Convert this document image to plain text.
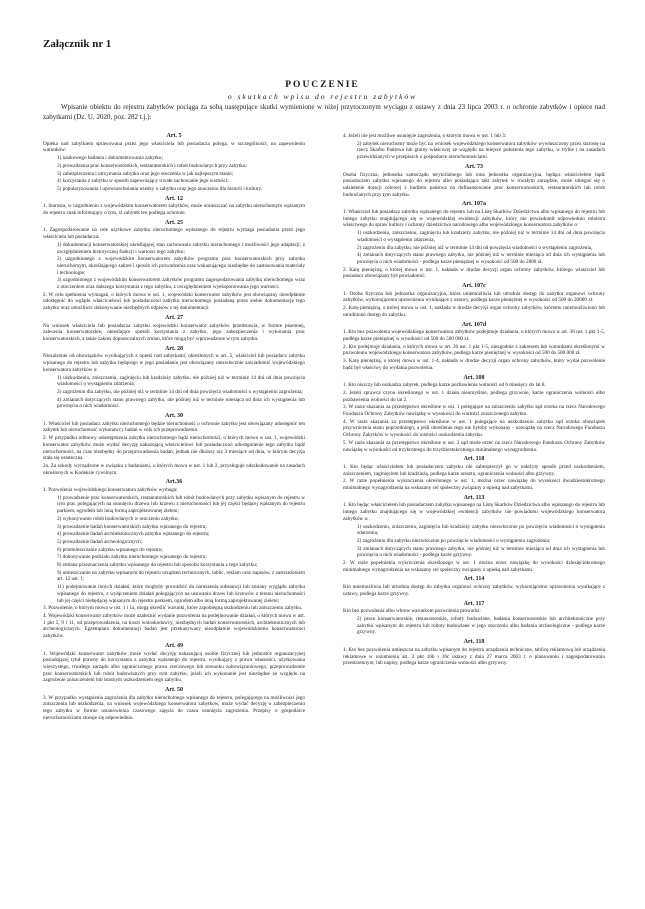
Załącznik nr 1
POUCZENIE
o skutkach wpisu do rejestru zabytków
Wpisanie obiektu do rejestru zabytków pociąga za sobą następujące skutki wymienione w niżej przytoczonym wyciągu z ustawy z dnia 23 lipca 2003 r. o ochronie zabytków i opiece nad zabytkami (Dz. U. 2020, poz. 282 t.j.):
Art. 5
Opieka nad zabytkiem sprawowana przez jego właściciela lub posiadacza polega, w szczególności, na zapewnieniu warunków:
1) naukowego badania i dokumentowania zabytku;
2) prowadzenia prac konserwatorskich, restauratorskich i robót budowlanych przy zabytku;
3) zabezpieczenia i utrzymania zabytku oraz jego otoczenia w jak najlepszym stanie;
4) korzystania z zabytku w sposób zapewniający trwałe zachowanie jego wartości;
5) popularyzowania i upowszechniania wiedzy o zabytku oraz jego znaczeniu dla historii i kultury.
Art. 12
1. Starosta, w uzgodnieniu z wojewódzkim konserwatorem zabytków, może umieszczać na zabytku nieruchomym wpisanym do rejestru znak informujący o tym, iż zabytek ten podlega ochronie.
Art. 25
1. Zagospodarowanie na cele użytkowe zabytku nieruchomego wpisanego do rejestru wymaga posiadania przez jego właściciela lub posiadacza:
1) dokumentacji konserwatorskiej określającej stan zachowania zabytku nieruchomego i możliwości jego adaptacji, z uwzględnieniem historycznej funkcji i wartości tego zabytku;
2) uzgodnionego z wojewódzkim konserwatorem zabytków programu prac konserwatorskich przy zabytku nieruchomym, określającego zakres i sposób ich prowadzenia oraz wskazującego niezbędne do zastosowania materiały i technologie;
3) uzgodnionego z wojewódzkim konserwatorem zabytków programu zagospodarowania zabytku nieruchomego wraz z otoczeniem oraz dalszego korzystania z tego zabytku, z uwzględnieniem wyeksponowania jego wartości.
2. W celu spełnienia wymagań, o których mowa w ust. 1, wojewódzki konserwator zabytków jest obowiązany nieodpłatnie udostępnić do wglądu właścicielowi lub posiadaczowi zabytku nieruchomego posiadaną przez siebie dokumentację tego zabytku oraz umożliwić dokonywanie niezbędnych odpisów z tej dokumentacji.
Art. 27
Na wniosek właściciela lub posiadacza zabytku wojewódzki konserwator zabytków przedstawia, w formie pisemnej, zalecenia konserwatorskie, określające sposób korzystania z zabytku, jego zabezpieczenia i wykonania prac konserwatorskich, a także zakres dopuszczalnych zmian, które mogą być wprowadzone w tym zabytku.
Art. 28
Niezależnie od obowiązków wynikających z opieki nad zabytkami, określonych w art. 5, właściciel lub posiadacz zabytku wpisanego do rejestru lub zabytku będącego w jego posiadaniu jest obowiązany niezwłocznie zawiadomić wojewódzkiego konserwatora zabytków o:
1) uszkodzeniu, zniszczeniu, zaginięciu lub kradzieży zabytku, nie później niż w terminie 14 dni od dnia powzięcia wiadomości o wystąpieniu zdarzenia;
2) zagrożeniu dla zabytku, nie później niż w terminie 14 dni od dnia powzięcia wiadomości o wystąpieniu zagrożenia;
4) zmianach dotyczących stanu prawnego zabytku, nie później niż w terminie miesiąca od dnia ich wystąpienia lub powzięcia o nich wiadomości.
Art. 30
1. Właściciel lub posiadacz zabytku nieruchomego będzie nieruchomość o ochronie zabytku jest obowiązany udostępnić ten zabytek lub nieruchomość wykonawcy badań w celu ich przeprowadzenia.
2. W przypadku odmowy udostępnienia zabytku nieruchomego bądź nieruchomości, o których mowa w ust. 1, wojewódzki konserwator zabytków może wydać decyzję nakazującą właścicielowi lub posiadaczowi udostępnienie tego zabytku bądź nieruchomości, na czas niezbędny do przeprowadzenia badań, jednak nie dłuższy niż 3 miesiące od dnia, w którym decyzja stała się ostateczna.
2a. Za szkody wyrządzone w związku z badaniami, o których mowa w ust. 1 lub 2, przysługuje odszkodowanie na zasadach określonych w Kodeksie cywilnym.
Art.36
1. Pozwolenia wojewódzkiego konserwatora zabytków wymaga:
1) prowadzenie prac konserwatorskich, restauratorskich lub robót budowlanych przy zabytku wpisanym do rejestru w tym prac polegających na usunięciu drzewa lub krzewu z nieruchomości lub jej części będącej wpisanym do rejestru parkiem, ogrodem lub inną formą zaprojektowanej zieleni;
2) wykonywanie robót budowlanych w otoczeniu zabytku;
3) prowadzenie badań konserwatorskich zabytku wpisanego do rejestru;
4) prowadzenie badań architektonicznych zabytku wpisanego do rejestru;
5) prowadzenie badań archeologicznych;
6) przemieszczanie zabytku wpisanego do rejestru;
7) dokonywanie podziału zabytku nieruchomego wpisanego do rejestru;
8) zmiana przeznaczenia zabytku wpisanego do rejestru lub sposobu korzystania z tego zabytku;
9) umieszczanie na zabytku wpisanym do rejestru urządzeń technicznych, tablic, reklam oraz napisów, z zastrzeżeniem art. 12 ust. 1;
11) podejmowanie innych działań, które mogłyby prowadzić do naruszenia substancji lub zmiany wyglądu zabytku wpisanego do rejestru, z wyłączeniem działań polegających na usuwaniu drzew lub krzewów z terenu nieruchomości lub jej części niebędącej wpisanym do rejestru parkiem, ogrodem albo inną formą zaprojektowanej zieleni;
3. Pozwolenie, o którym mowa w ust. 1 i 1a, mogą określić warunki, które zapobiegną uszkodzeniu lub zniszczeniu zabytku.
4. Wojewódzki konserwator zabytków może uzależnić wydanie pozwolenia na podejmowanie działań, o których mowa w ust. 1 pkt 5, 9 i 11, od przeprowadzenia, na koszt wnioskodawcy, niezbędnych badań konserwatorskich, architektonicznych lub archeologicznych. Egzemplarz dokumentacji badań jest przekazywany nieodpłatnie wojewódzkiemu konserwatorowi zabytków.
Art. 49
1. Wojewódzki konserwator zabytków może wydać decyzję nakazującą osobie fizycznej lub jednostce organizacyjnej posiadającej tytuł prawny do korzystania z zabytku wpisanego do rejestru, wynikający z prawa własności, użytkowania wieczystego, trwałego zarządu albo ograniczonego prawa rzeczowego lub stosunku zobowiązaniowego, przeprowadzenie prac konserwatorskich lub robót budowlanych przy tym zabytku, jeżeli ich wykonanie jest niezbędne ze względu na zagrożenie zniszczeniem lub istotnym uszkodzeniem tego zabytku.
Art. 50
3. W przypadku wystąpienia zagrożenia dla zabytku nieruchomego wpisanego do rejestru, polegającego na możliwości jego zniszczenia lub uszkodzenia, na wniosek wojewódzkiego konserwatora zabytków, może wydać decyzję o zabezpieczeniu tego zabytku w formie ustanowienia czasowego zajęcia do czasu usunięcia zagrożenia. Przepisy o gospodarce nieruchomościami stosuje się odpowiednio.
4. Jeżeli nie jest możliwe usunięcie zagrożenia, o którym mowa w ust. 1 lub 3:
2) zabytek nieruchomy może być na wniosek wojewódzkiego konserwatora zabytków wywłaszczony przez starostę na rzecz Skarbu Państwa lub gminy właściwej ze względu na miejsce położenia tego zabytku, w trybie i na zasadach przewidzianych w przepisach o gospodarce nieruchomościami.
Art. 73
Osoba fizyczna, jednostka samorządu terytorialnego lub inna jednostka organizacyjna, będąca właścicielem bądź posiadaczem zabytku wpisanego do rejestru albo posiadająca taki zabytek w trwałym zarządzie, może ubiegać się o udzielenie dotacji celowej z budżetu państwa na dofinansowanie prac konserwatorskich, restauratorskich lub robót budowlanych przy tym zabytku.
Art. 107a
1. Właściciel lub posiadacz zabytku wpisanego do rejestru lub na Listę Skarbów Dziedzictwa albo wpisanego do rejestru lub innego zabytku znajdującego się w wojewódzkiej ewidencji zabytków, który nie powiadomił odpowiednio ministra właściwego do spraw kultury i ochrony dziedzictwa narodowego albo wojewódzkiego konserwatora zabytków o:
1) uszkodzeniu, zniszczeniu, zaginięciu lub kradzieży zabytku, nie później niż w terminie 14 dni od dnia powzięcia wiadomości o wystąpieniu zdarzenia,
2) zagrożeniu dla zabytku, nie później niż w terminie 14 dni od powzięcia wiadomości o wystąpieniu zagrożenia,
4) zmianach dotyczących stanu prawnego zabytku, nie później niż w terminie miesiąca od dnia ich wystąpienia lub powzięcia o nich wiadomości - podlega karze pieniężnej w wysokości od 500 do 2000 zł.
2. Karę pieniężną, o której mowa w ust. 1, nakłada w drodze decyzji organ ochrony zabytków, którego właściciel lub posiadacz obowiązany był powiadomić.
Art. 107c
1. Osoba fizyczna lub jednostka organizacyjna, która uniemożliwia lub utrudnia dostęp do zabytku organowi ochrony zabytków, wykonującemu uprawnienia wynikające z ustawy, podlega karze pieniężnej w wysokości od 500 do 20000 zł.
2. Karę pieniężną, o której mowa w ust. 1, nakłada w drodze decyzji organ ochrony zabytków, któremu uniemożliwiono lub utrudniono dostęp do zabytku.
Art. 107d
1. Kto bez pozwolenia wojewódzkiego konserwatora zabytków podejmuje działania, o których mowa w art. 36 ust. 1 pkt 1-5, podlega karze pieniężnej w wysokości od 500 do 500 000 zł.
2. Kto podejmuje działania, o których mowa w art. 36 ust. 1 pkt 1-5, niezgodnie z zakresem lub warunkami określonymi w pozwoleniu wojewódzkiego konserwatora zabytków, podlega karze pieniężnej w wysokości od 500 do 500 000 zł.
3. Karę pieniężną, o której mowa w ust. 1-4, nakłada w drodze decyzji organ ochrony zabytków, który wydał pozwolenie bądź był właściwy do wydania pozwolenia.
Art. 108
1. Kto niszczy lub uszkadza zabytek, podlega karze pozbawienia wolności od 6 miesięcy do lat 8.
2. Jeżeli sprawca czynu określonego w ust. 1 działa nieumyślnie, podlega grzywnie, karze ograniczenia wolności albo pozbawienia wolności do lat 2.
3. W razie skazania za przestępstwo określone w ust. 1 polegające na zniszczeniu zabytku sąd orzeka na rzecz Narodowego Funduszu Ochrony Zabytków nawiązkę w wysokości do wartości zniszczonego zabytku.
4. W razie skazania za przestępstwo określone w ust. 1 polegające na uszkodzeniu zabytku sąd orzeka obowiązek przywrócenia stanu poprzedniego, a jeśli określenie tego nie byłoby wykonany - nawiązkę na rzecz Narodowego Funduszu Ochrony Zabytków w wysokości do wartości uszkodzenia zabytku.
5. W razie skazania za przestępstwo określone w ust. 2 sąd może orzec na rzecz Narodowego Funduszu Ochrony Zabytków nawiązkę w wysokości od trzykrotnego do trzydziestokrotnego minimalnego wynagrodzenia.
Art. 110
1. Kto będąc właścicielem lub posiadaczem zabytku nie zabezpieczył go w należyty sposób przed uszkodzeniem, zniszczeniem, zaginięciem lub kradzieżą, podlega karze aresztu, ograniczenia wolności albo grzywny.
2. W razie popełnienia wykroczenia określonego w ust. 1, można orzec nawiązkę do wysokości dwudziestokrotnego minimalnego wynagrodzenia na wskazany cel społeczny związany z opieką nad zabytkami.
Art. 113
1. Kto będąc właścicielem lub posiadaczem zabytku wpisanego na Listę Skarbów Dziedzictwa albo wpisanego do rejestru lub innego zabytku znajdującego się w wojewódzkiej ewidencji zabytków nie powiadomi wojewódzkiego konserwatora zabytków o:
1) uszkodzeniu, zniszczeniu, zaginięciu lub kradzieży zabytku niezwłocznie po powzięciu wiadomości o wystąpieniu zdarzenia;
2) zagrożeniu dla zabytku niezwłocznie po powzięciu wiadomości o wystąpieniu zagrożenia;
3) zmianach dotyczących stanu prawnego zabytku, nie później niż w terminie miesiąca od dnia ich wystąpienia lub powzięcia o nich wiadomości - podlega karze grzywny.
2. W razie popełnienia wykroczenia określonego w ust. 1 można orzec nawiązkę do wysokości dziesięciokrotnego minimalnego wynagrodzenia na wskazany cel społeczny związany z opieką nad zabytkami.
Art. 114
Kto uniemożliwia lub utrudnia dostęp do zabytku organowi ochrony zabytków, wykonującemu uprawnienia wynikające z ustawy, podlega karze grzywny.
Art. 117
Kto bez pozwolenia albo wbrew warunkom pozwolenia prowadzi:
2) prace konserwatorskie, restauratorskie, roboty budowlane, badania konserwatorskie lub architektoniczne przy zabytku wpisanym do rejestru lub roboty budowlane w jego otoczeniu albo badania archeologiczne - podlega karze grzywny.
Art. 118
1. Kto bez pozwolenia umieszcza na zabytku wpisanym do rejestru urządzenia techniczne, tablicę reklamową lub urządzenia reklamowe w rozumieniu art. 2 pkt 16b i 16c ustawy z dnia 27 marca 2003 r. o planowaniu i zagospodarowaniu przestrzennym, lub napisy, podlega karze ograniczenia wolności albo grzywny.
